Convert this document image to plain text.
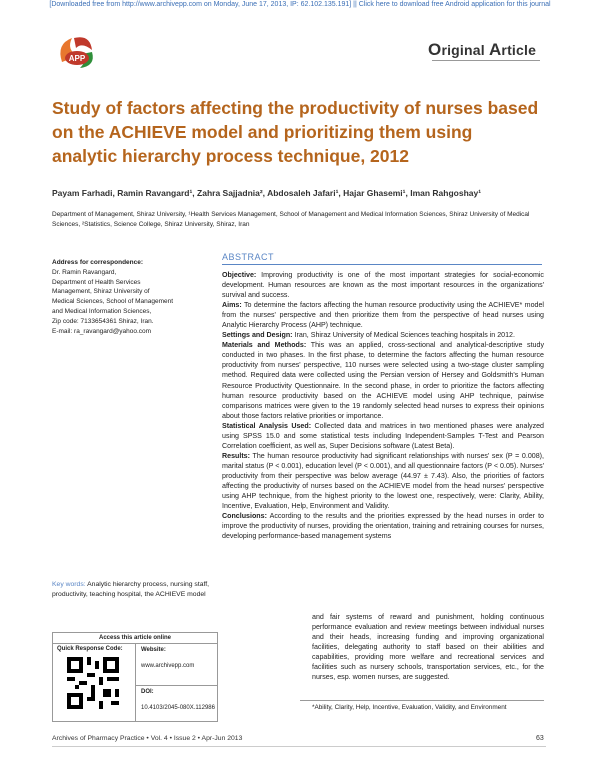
[Downloaded free from http://www.archivepp.com on Monday, June 17, 2013, IP: 62.102.135.191] || Click here to download free Android application for this journal
APP	Original Article
Study of factors affecting the productivity of nurses based on the ACHIEVE model and prioritizing them using analytic hierarchy process technique, 2012
Payam Farhadi, Ramin Ravangard¹, Zahra Sajjadnia², Abdosaleh Jafari¹, Hajar Ghasemi¹, Iman Rahgoshay¹
Department of Management, Shiraz University, ¹Health Services Management, School of Management and Medical Information Sciences, Shiraz University of Medical Sciences, ²Statistics, Science College, Shiraz University, Shiraz, Iran
Address for correspondence:
Dr. Ramin Ravangard,
Department of Health Services
Management, Shiraz University of
Medical Sciences, School of Management
and Medical Information Sciences,
Zip code: 7133654361 Shiraz, Iran.
E-mail: ra_ravangard@yahoo.com
Key words: Analytic hierarchy process, nursing staff, productivity, teaching hospital, the ACHIEVE model
Access this article online
Quick Response Code:	Website:
www.archivepp.com
DOI:
10.4103/2045-080X.112986
ABSTRACT
Objective: Improving productivity is one of the most important strategies for social-economic development. Human resources are known as the most important resources in the organizations' survival and success.
Aims: To determine the factors affecting the human resource productivity using the ACHIEVE* model from the nurses' perspective and then prioritize them from the perspective of head nurses using Analytic Hierarchy Process (AHP) technique.
Settings and Design: Iran, Shiraz University of Medical Sciences teaching hospitals in 2012.
Materials and Methods: This was an applied, cross-sectional and analytical-descriptive study conducted in two phases. In the first phase, to determine the factors affecting the human resource productivity from nurses' perspective, 110 nurses were selected using a two-stage cluster sampling method. Required data were collected using the Persian version of Hersey and Goldsmith's Human Resource Productivity Questionnaire. In the second phase, in order to prioritize the factors affecting human resource productivity based on the ACHIEVE model using AHP technique, pairwise comparisons matrices were given to the 19 randomly selected head nurses to express their opinions about those factors relative priorities or importance.
Statistical Analysis Used: Collected data and matrices in two mentioned phases were analyzed using SPSS 15.0 and some statistical tests including Independent-Samples T-Test and Pearson Correlation coefficient, as well as, Super Decisions software (Latest Beta).
Results: The human resource productivity had significant relationships with nurses' sex (P = 0.008), marital status (P < 0.001), education level (P < 0.001), and all questionnaire factors (P < 0.05). Nurses' productivity from their perspective was below average (44.97 ± 7.43). Also, the priorities of factors affecting the productivity of nurses based on the ACHIEVE model from the head nurses' perspective using AHP technique, from the highest priority to the lowest one, respectively, were: Clarity, Ability, Incentive, Evaluation, Help, Environment and Validity.
Conclusions: According to the results and the priorities expressed by the head nurses in order to improve the productivity of nurses, providing the orientation, training and retraining courses for nurses, developing performance-based management systems
and fair systems of reward and punishment, holding continuous performance evaluation and review meetings between individual nurses and their heads, increasing funding and improving organizational facilities, delegating authority to staff based on their abilities and capabilities, providing more welfare and recreational services and facilities such as nursery schools, transportation services, etc., for the nurses, esp. women nurses, are suggested.
*Ability, Clarity, Help, Incentive, Evaluation, Validity, and Environment
Archives of Pharmacy Practice • Vol. 4 • Issue 2 • Apr-Jun 2013	63
